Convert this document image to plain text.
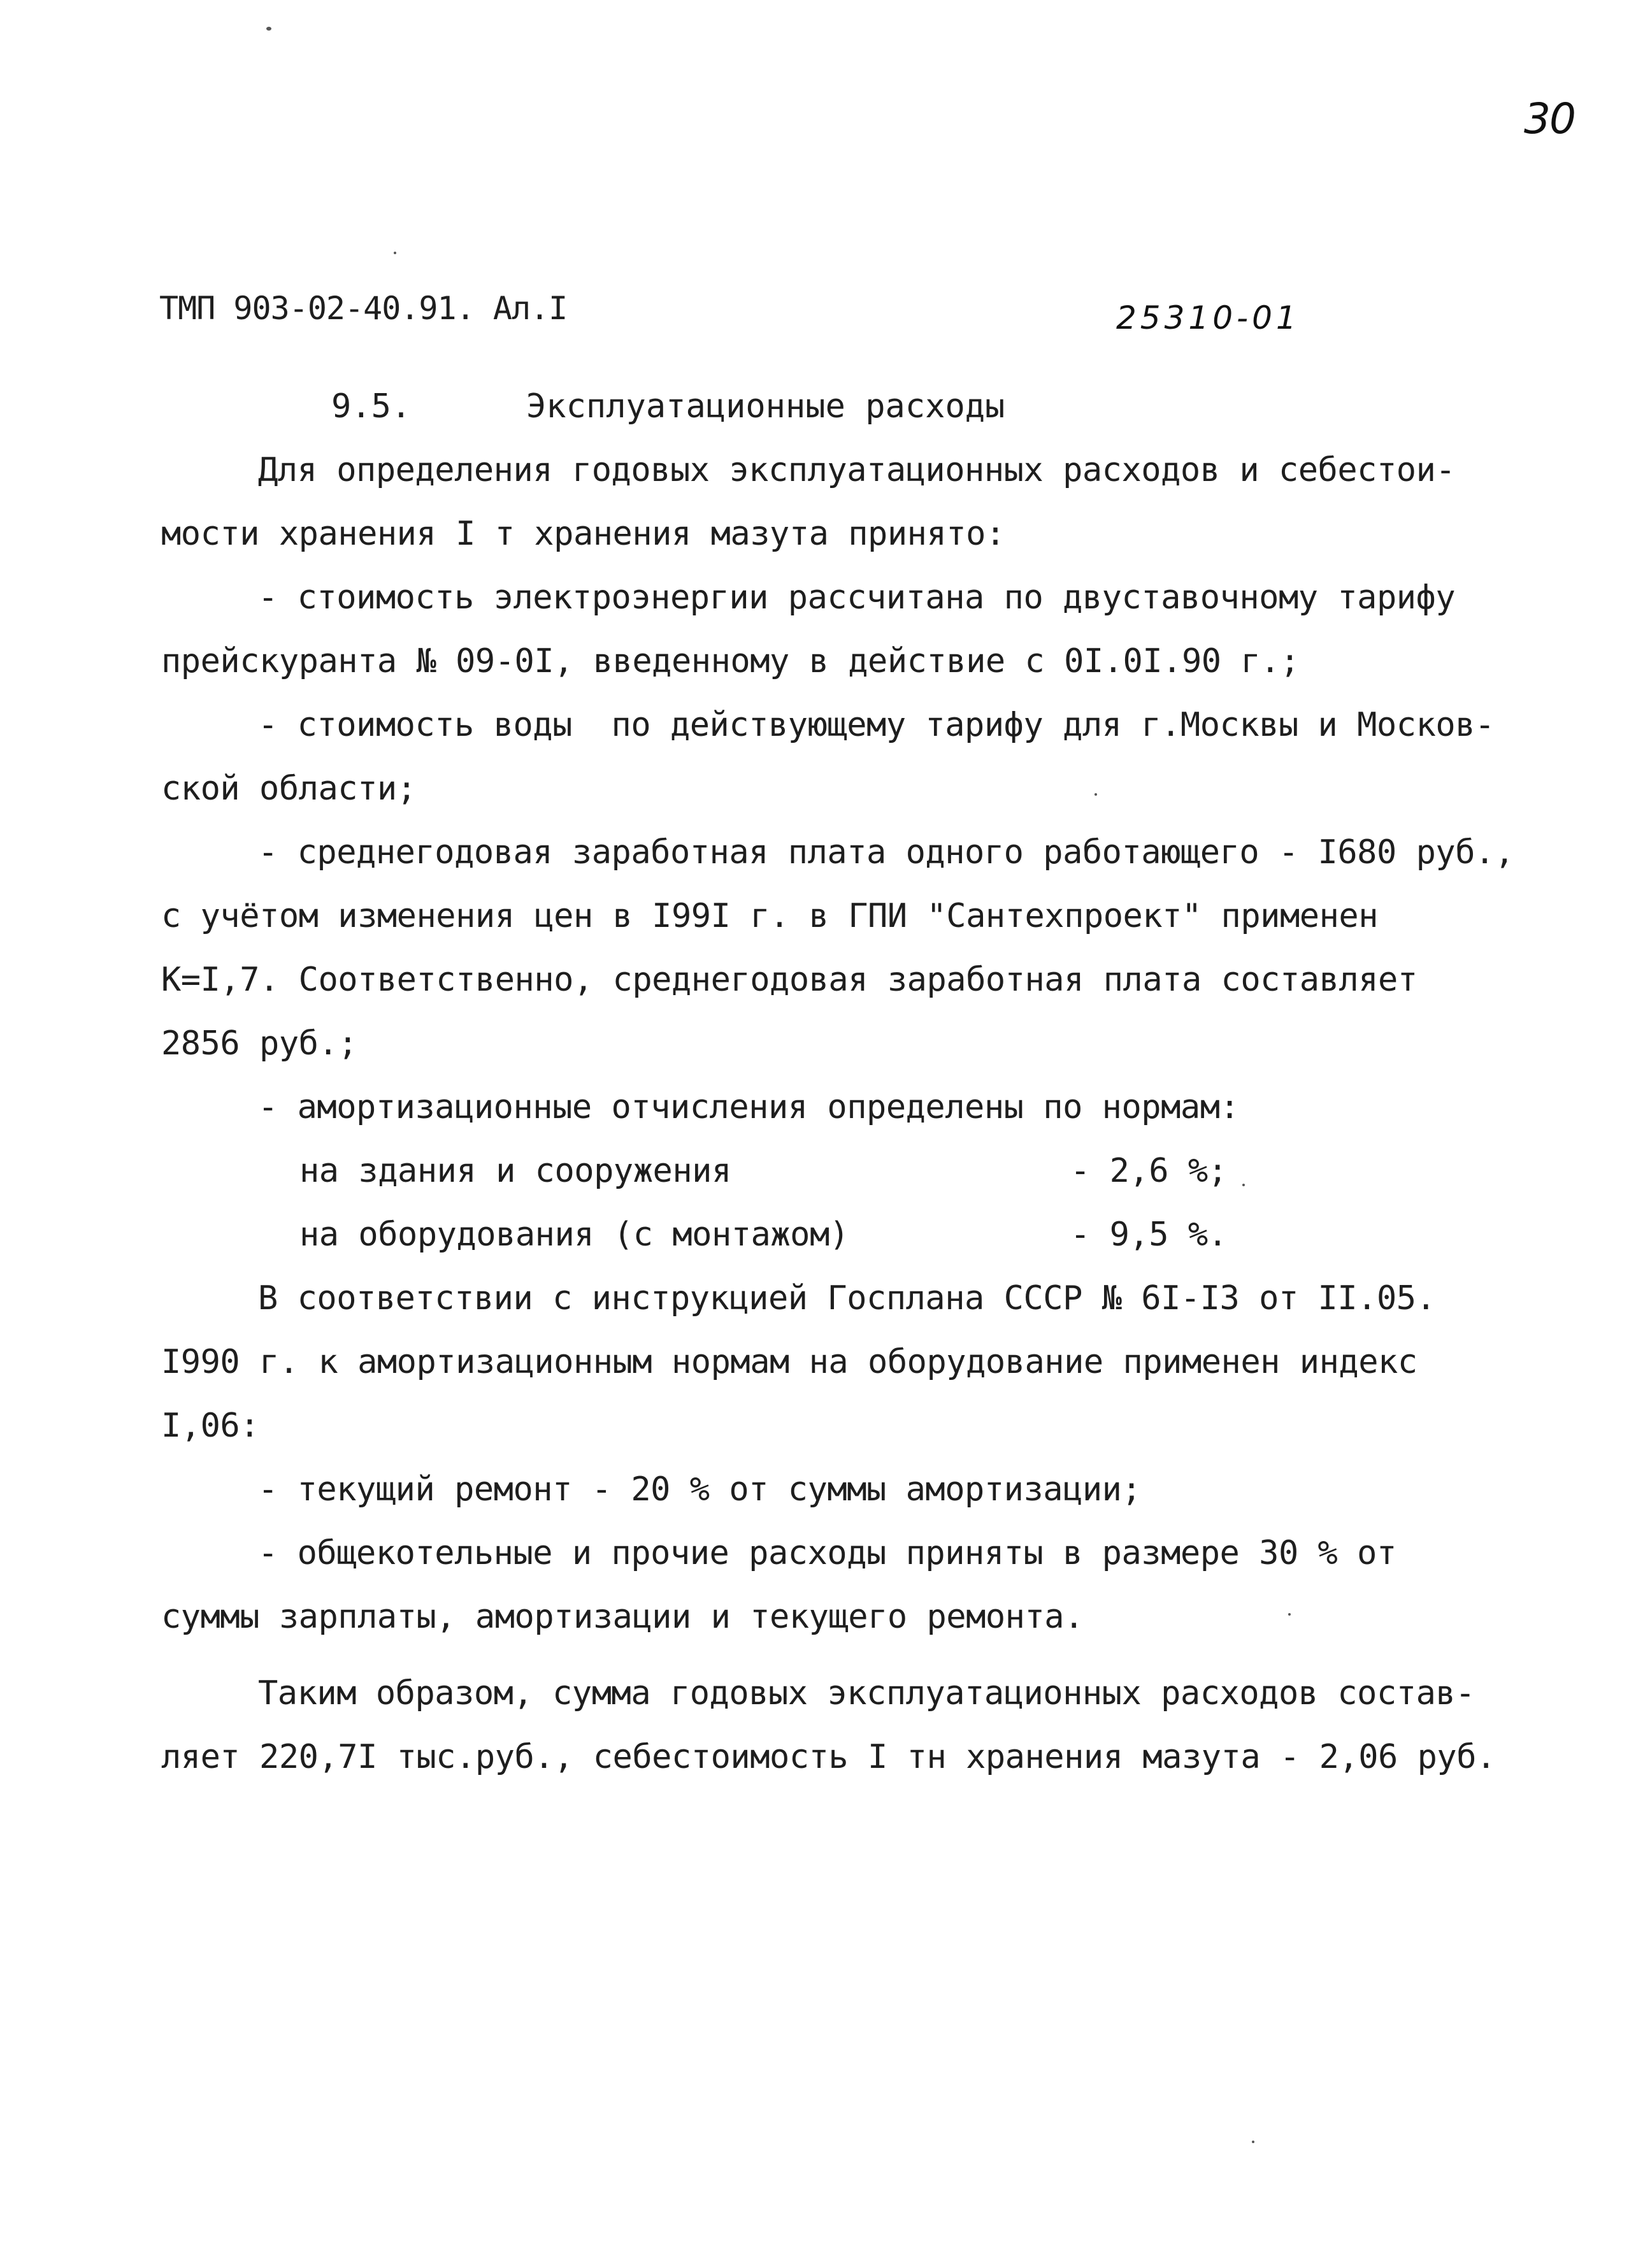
30
ТМП 903-02-40.91. Ал.I	25310-01
9.5.	Эксплуатационные расходы
Для определения годовых эксплуатационных расходов и себестои-
мости хранения I т хранения мазута принято:
- стоимость электроэнергии рассчитана по двуставочному тарифу
прейскуранта № 09-0I, введенному в действие с 0I.0I.90 г.;
- стоимость воды  по действующему тарифу для г.Москвы и Москов-
ской области;
- среднегодовая заработная плата одного работающего - I680 руб.,
с учётом изменения цен в I99I г. в ГПИ "Сантехпроект" применен
К=I,7. Соответственно, среднегодовая заработная плата составляет
2856 руб.;
- амортизационные отчисления определены по нормам:
на здания и сооружения	- 2,6 %;
на оборудования (с монтажом)	- 9,5 %.
В соответствии с инструкцией Госплана СССР № 6I-I3 от II.05.
I990 г. к амортизационным нормам на оборудование применен индекс
I,06:
- текущий ремонт - 20 % от суммы амортизации;
- общекотельные и прочие расходы приняты в размере 30 % от
суммы зарплаты, амортизации и текущего ремонта.
Таким образом, сумма годовых эксплуатационных расходов состав-
ляет 220,7I тыс.руб., себестоимость I тн хранения мазута - 2,06 руб.
